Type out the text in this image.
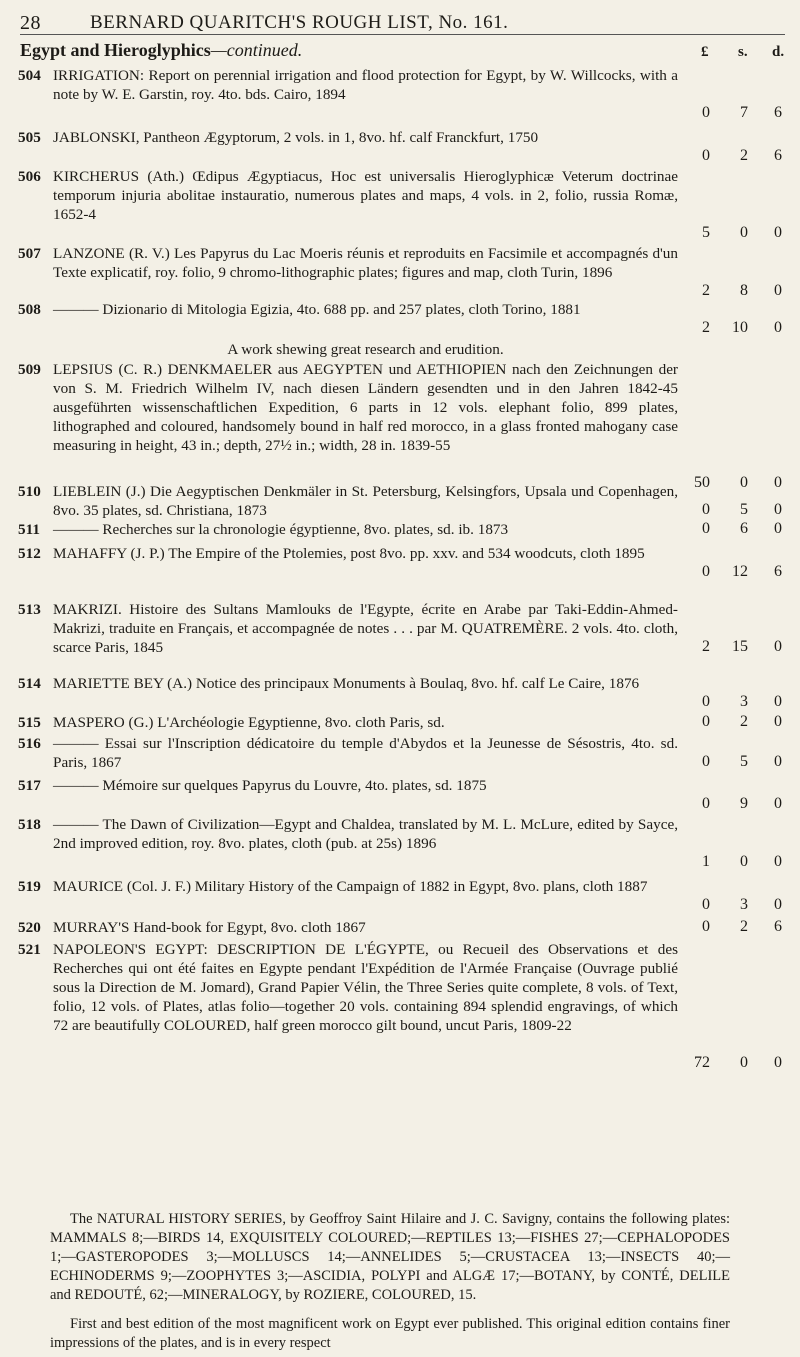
28	BERNARD QUARITCH'S ROUGH LIST, No. 161.
Egypt and Hieroglyphics—continued.	£ s. d.
504 IRRIGATION: Report on perennial irrigation and flood protection for Egypt, by W. Willcocks, with a note by W. E. Garstin, roy. 4to. bds. Cairo, 1894
0	7	6
505 JABLONSKI, Pantheon Ægyptorum, 2 vols. in 1, 8vo. hf. calf Franckfurt, 1750
0	2	6
506 KIRCHERUS (Ath.) Œdipus Ægyptiacus, Hoc est universalis Hieroglyphicæ Veterum doctrinae temporum injuria abolitae instauratio, numerous plates and maps, 4 vols. in 2, folio, russia Romæ, 1652-4
5	0	0
507 LANZONE (R. V.) Les Papyrus du Lac Moeris réunis et reproduits en Facsimile et accompagnés d'un Texte explicatif, roy. folio, 9 chromo-lithographic plates; figures and map, cloth Turin, 1896
2	8	0
508 ——— Dizionario di Mitologia Egizia, 4to. 688 pp. and 257 plates, cloth Torino, 1881
2	10	0
A work shewing great research and erudition.
509 LEPSIUS (C. R.) DENKMAELER aus AEGYPTEN und AETHIOPIEN nach den Zeichnungen der von S. M. Friedrich Wilhelm IV, nach diesen Ländern gesendten und in den Jahren 1842-45 ausgeführten wissenschaftlichen Expedition, 6 parts in 12 vols. elephant folio, 899 plates, lithographed and coloured, handsomely bound in half red morocco, in a glass fronted mahogany case measuring in height, 43 in.; depth, 27½ in.; width, 28 in. 1839-55
50	0	0
510 LIEBLEIN (J.) Die Aegyptischen Denkmäler in St. Petersburg, Kelsingfors, Upsala und Copenhagen, 8vo. 35 plates, sd. Christiana, 1873	0	5	0
511 ——— Recherches sur la chronologie égyptienne, 8vo. plates, sd. ib. 1873	0	6	0
512 MAHAFFY (J. P.) The Empire of the Ptolemies, post 8vo. pp. xxv. and 534 woodcuts, cloth 1895
0	12	6
513 MAKRIZI. Histoire des Sultans Mamlouks de l'Egypte, écrite en Arabe par Taki-Eddin-Ahmed-Makrizi, traduite en Français, et accompagnée de notes . . . par M. QUATREMÈRE. 2 vols. 4to. cloth, scarce Paris, 1845	2	15	0
514 MARIETTE BEY (A.) Notice des principaux Monuments à Boulaq, 8vo. hf. calf Le Caire, 1876
0	3	0
515 MASPERO (G.) L'Archéologie Egyptienne, 8vo. cloth Paris, sd.	0	2	0
516 ——— Essai sur l'Inscription dédicatoire du temple d'Abydos et la Jeunesse de Sésostris, 4to. sd. Paris, 1867	0	5	0
517 ——— Mémoire sur quelques Papyrus du Louvre, 4to. plates, sd. 1875
0	9	0
518 ——— The Dawn of Civilization—Egypt and Chaldea, translated by M. L. McLure, edited by Sayce, 2nd improved edition, roy. 8vo. plates, cloth (pub. at 25s) 1896
1	0	0
519 MAURICE (Col. J. F.) Military History of the Campaign of 1882 in Egypt, 8vo. plans, cloth 1887
0	3	0
520 MURRAY'S Hand-book for Egypt, 8vo. cloth 1867	0	2	6
521 NAPOLEON'S EGYPT: DESCRIPTION DE L'ÉGYPTE, ou Recueil des Observations et des Recherches qui ont été faites en Egypte pendant l'Expédition de l'Armée Française (Ouvrage publié sous la Direction de M. Jomard), Grand Papier Vélin, the Three Series quite complete, 8 vols. of Text, folio, 12 vols. of Plates, atlas folio—together 20 vols. containing 894 splendid engravings, of which 72 are beautifully COLOURED, half green morocco gilt bound, uncut Paris, 1809-22
72	0	0
The NATURAL HISTORY SERIES, by Geoffroy Saint Hilaire and J. C. Savigny, contains the following plates: MAMMALS 8;—BIRDS 14, EXQUISITELY COLOURED;—REPTILES 13;—FISHES 27;—CEPHALOPODES 1;—GASTEROPODES 3;—MOLLUSCS 14;—ANNELIDES 5;—CRUSTACEA 13;—INSECTS 40;—ECHINODERMS 9;—ZOOPHYTES 3;—ASCIDIA, POLYPI and ALGÆ 17;—BOTANY, by CONTÉ, DELILE and REDOUTÉ, 62;—MINERALOGY, by ROZIERE, COLOURED, 15.
First and best edition of the most magnificent work on Egypt ever published. This original edition contains finer impressions of the plates, and is in every respect
